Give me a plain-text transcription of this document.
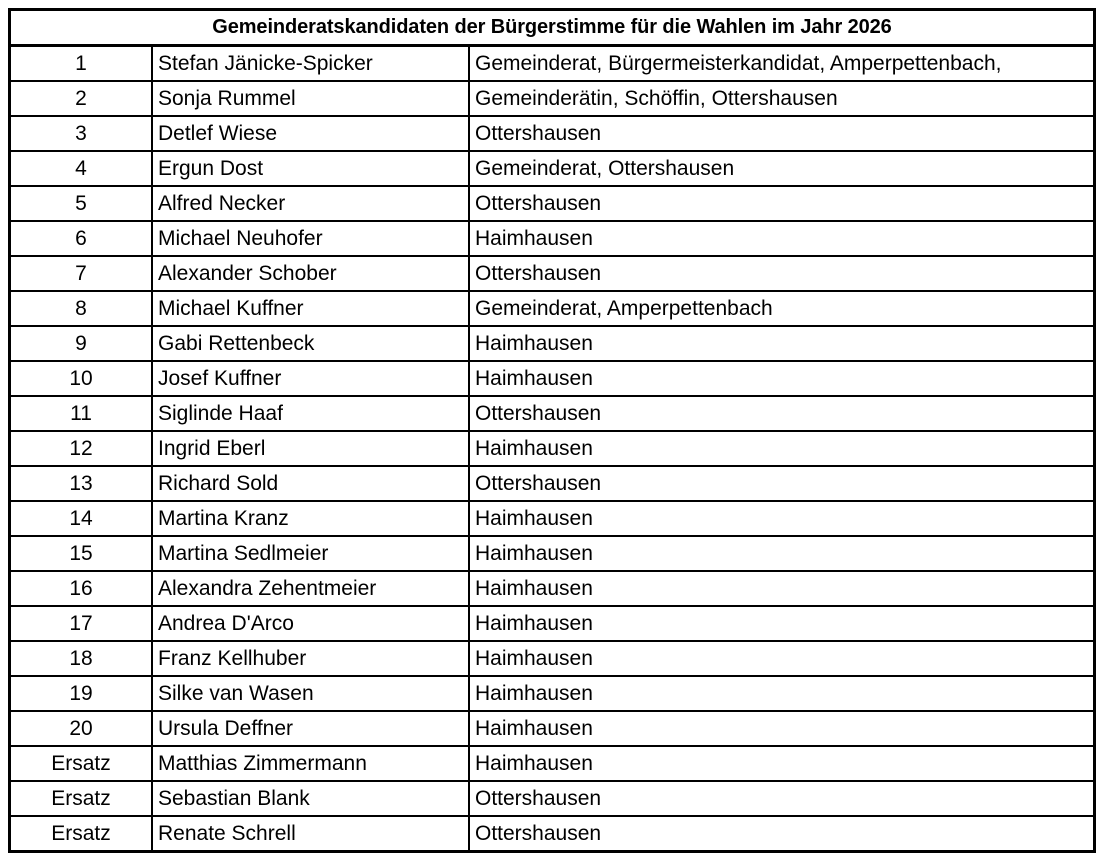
Gemeinderatskandidaten der Bürgerstimme für die Wahlen im Jahr 2026		
1	Stefan Jänicke-Spicker	Gemeinderat, Bürgermeisterkandidat, Amperpettenbach,
2	Sonja Rummel	Gemeinderätin, Schöffin, Ottershausen
3	Detlef Wiese	Ottershausen
4	Ergun Dost	Gemeinderat, Ottershausen
5	Alfred Necker	Ottershausen
6	Michael Neuhofer	Haimhausen
7	Alexander Schober	Ottershausen
8	Michael Kuffner	Gemeinderat, Amperpettenbach
9	Gabi Rettenbeck	Haimhausen
10	Josef Kuffner	Haimhausen
11	Siglinde Haaf	Ottershausen
12	Ingrid Eberl	Haimhausen
13	Richard Sold	Ottershausen
14	Martina Kranz	Haimhausen
15	Martina Sedlmeier	Haimhausen
16	Alexandra Zehentmeier	Haimhausen
17	Andrea D'Arco	Haimhausen
18	Franz Kellhuber	Haimhausen
19	Silke van Wasen	Haimhausen
20	Ursula Deffner	Haimhausen
Ersatz	Matthias Zimmermann	Haimhausen
Ersatz	Sebastian Blank	Ottershausen
Ersatz	Renate Schrell	Ottershausen
